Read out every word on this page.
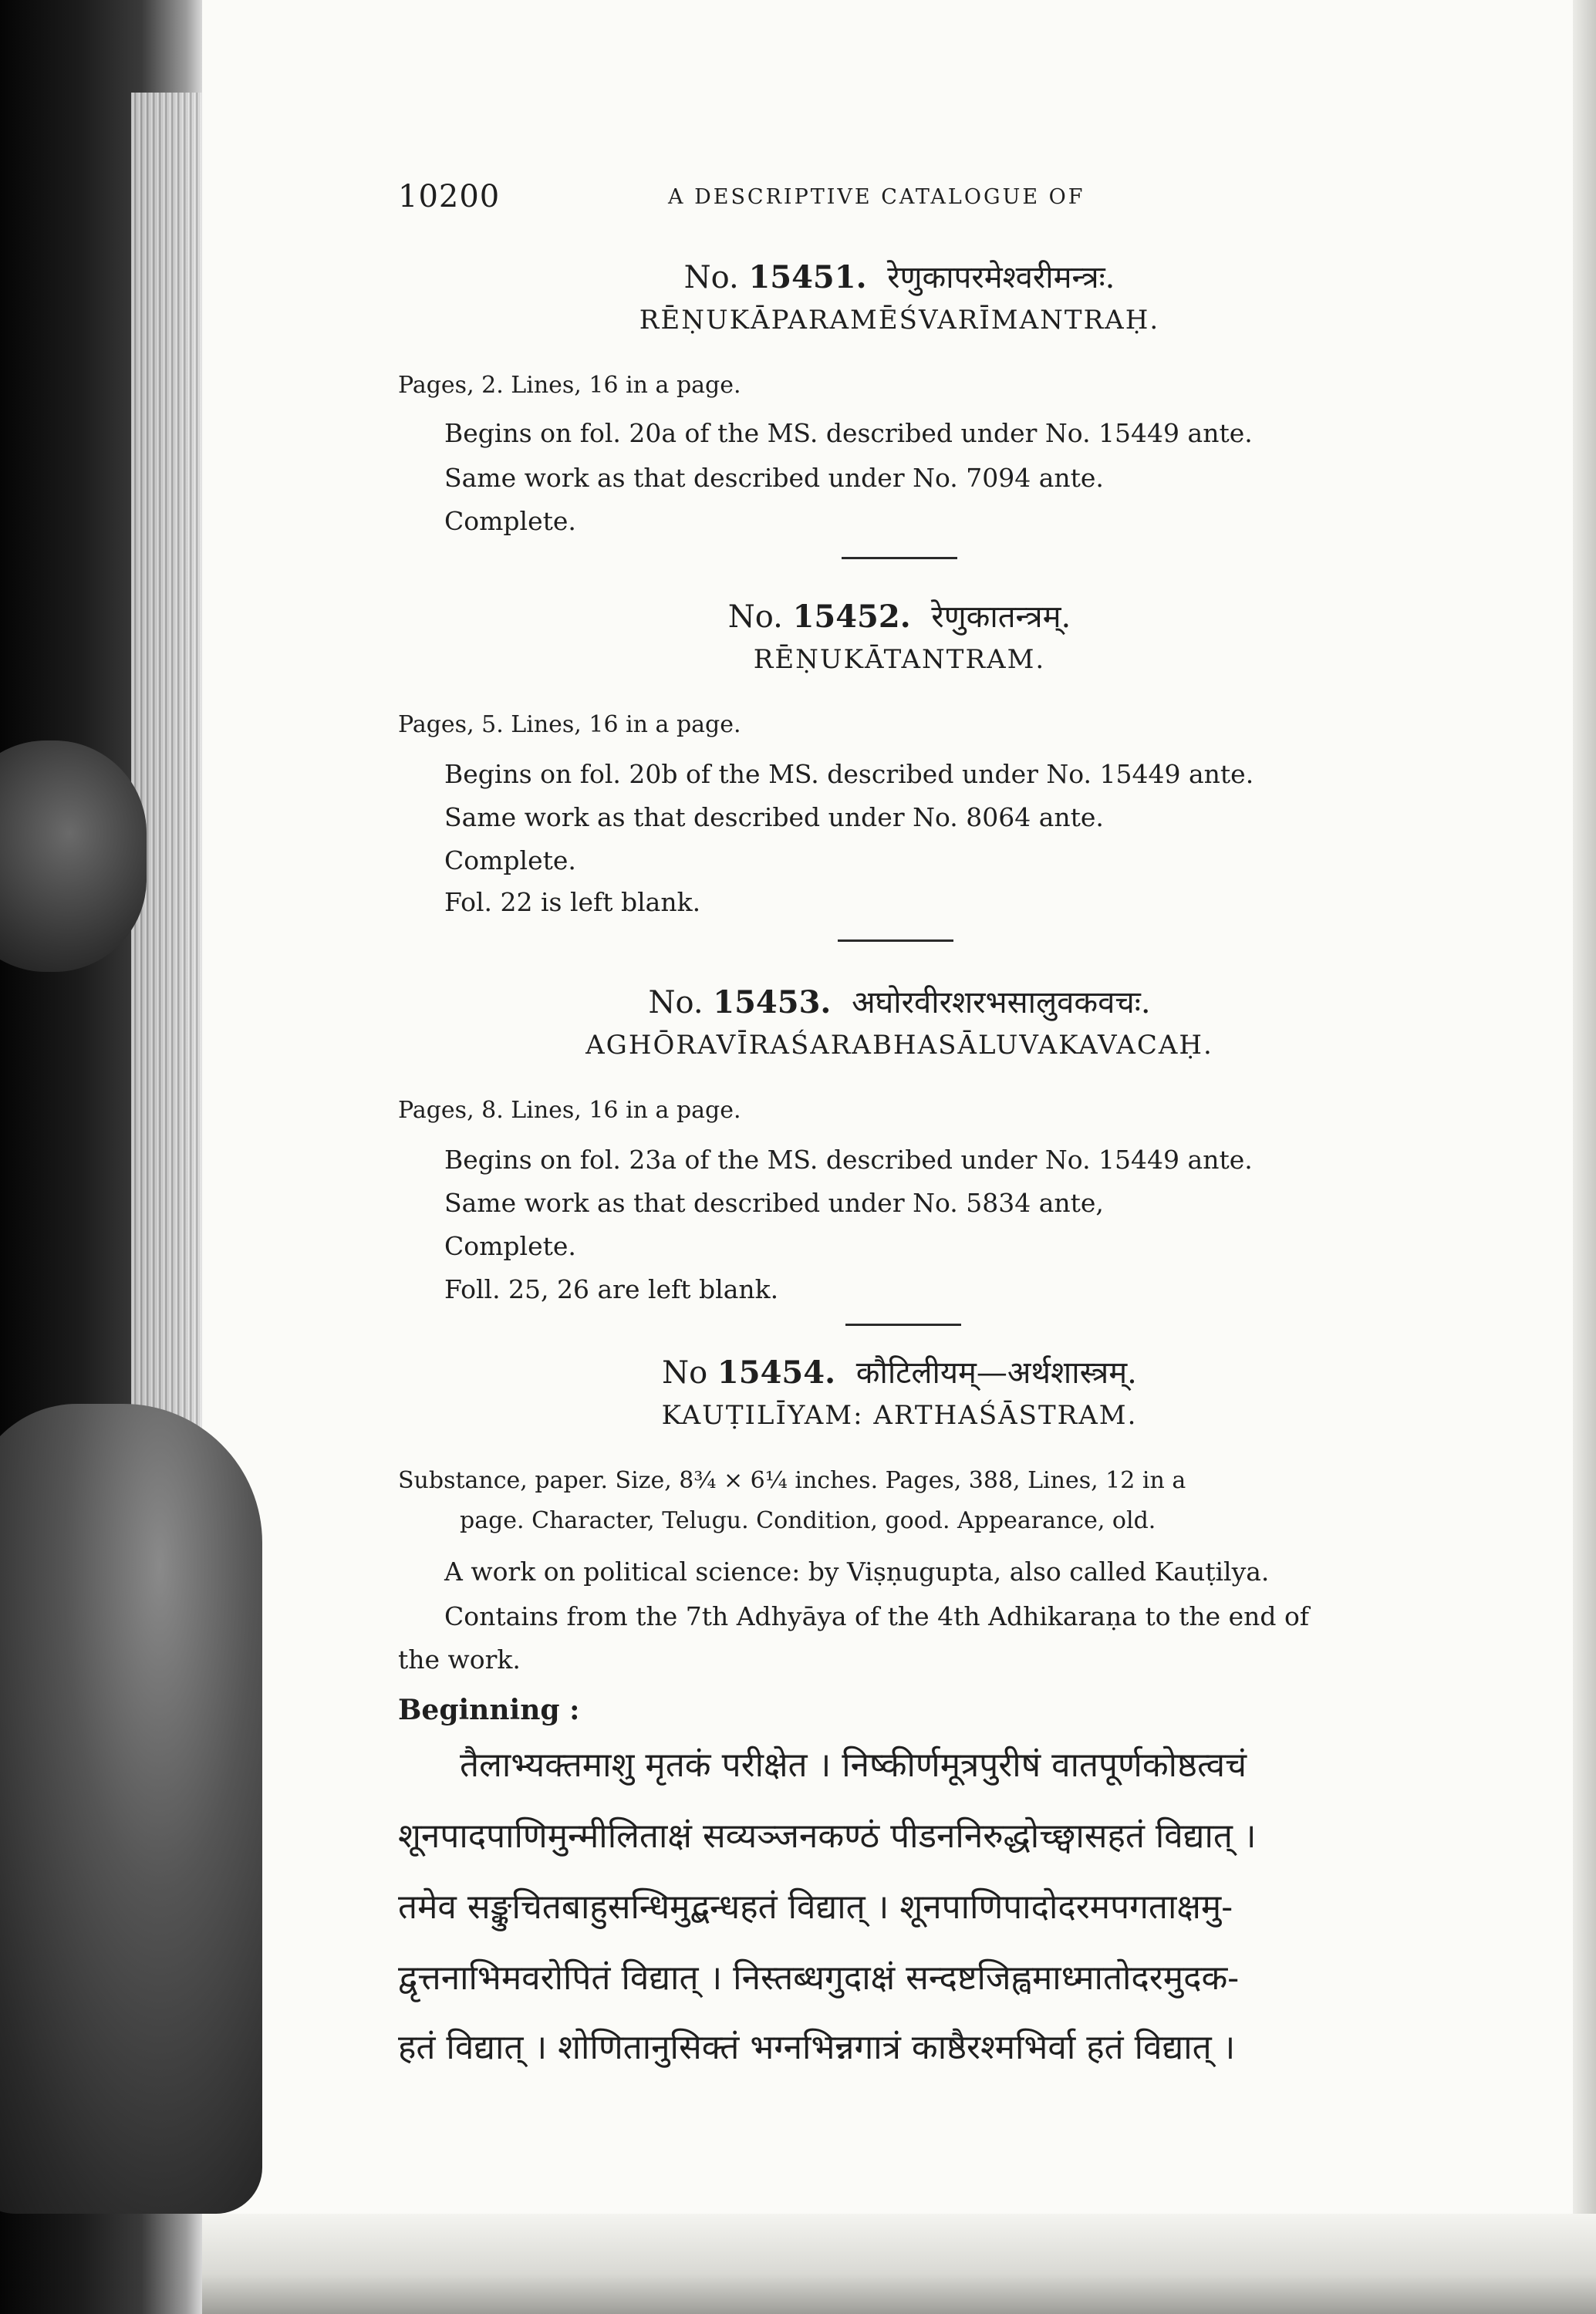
10200	A DESCRIPTIVE CATALOGUE OF
No. 15451. रेणुकापरमेश्वरीमन्त्रः.
RĒṆUKĀPARAMĒŚVARĪMANTRAḤ.
Pages, 2. Lines, 16 in a page.
Begins on fol. 20a of the MS. described under No. 15449 ante.
Same work as that described under No. 7094 ante.
Complete.
No. 15452. रेणुकातन्त्रम्.
RĒṆUKĀTANTRAM.
Pages, 5. Lines, 16 in a page.
Begins on fol. 20b of the MS. described under No. 15449 ante.
Same work as that described under No. 8064 ante.
Complete.
Fol. 22 is left blank.
No. 15453. अघोरवीरशरभसालुवकवचः.
AGHŌRAVĪRAŚARABHASĀLUVAKAVACAḤ.
Pages, 8. Lines, 16 in a page.
Begins on fol. 23a of the MS. described under No. 15449 ante.
Same work as that described under No. 5834 ante,
Complete.
Foll. 25, 26 are left blank.
No 15454. कौटिलीयम्—अर्थशास्त्रम्.
KAUṬILĪYAM: ARTHAŚĀSTRAM.
Substance, paper. Size, 8¾ × 6¼ inches. Pages, 388, Lines, 12 in a
page. Character, Telugu. Condition, good. Appearance, old.
A work on political science: by Viṣṇugupta, also called Kauṭilya.
Contains from the 7th Adhyāya of the 4th Adhikaraṇa to the end of
the work.
Beginning :
तैलाभ्यक्तमाशु मृतकं परीक्षेत । निष्कीर्णमूत्रपुरीषं वातपूर्णकोष्ठत्वचं
शूनपादपाणिमुन्मीलिताक्षं सव्यञ्जनकण्ठं पीडननिरुद्धोच्छ्वासहतं विद्यात् ।
तमेव सङ्कुचितबाहुसन्धिमुद्बन्धहतं विद्यात् । शूनपाणिपादोदरमपगताक्षमु-
द्वृत्तनाभिमवरोपितं विद्यात् । निस्तब्धगुदाक्षं सन्दष्टजिह्वमाध्मातोदरमुदक-
हतं विद्यात् । शोणितानुसिक्तं भग्नभिन्नगात्रं काष्ठैरश्मभिर्वा हतं विद्यात् ।
